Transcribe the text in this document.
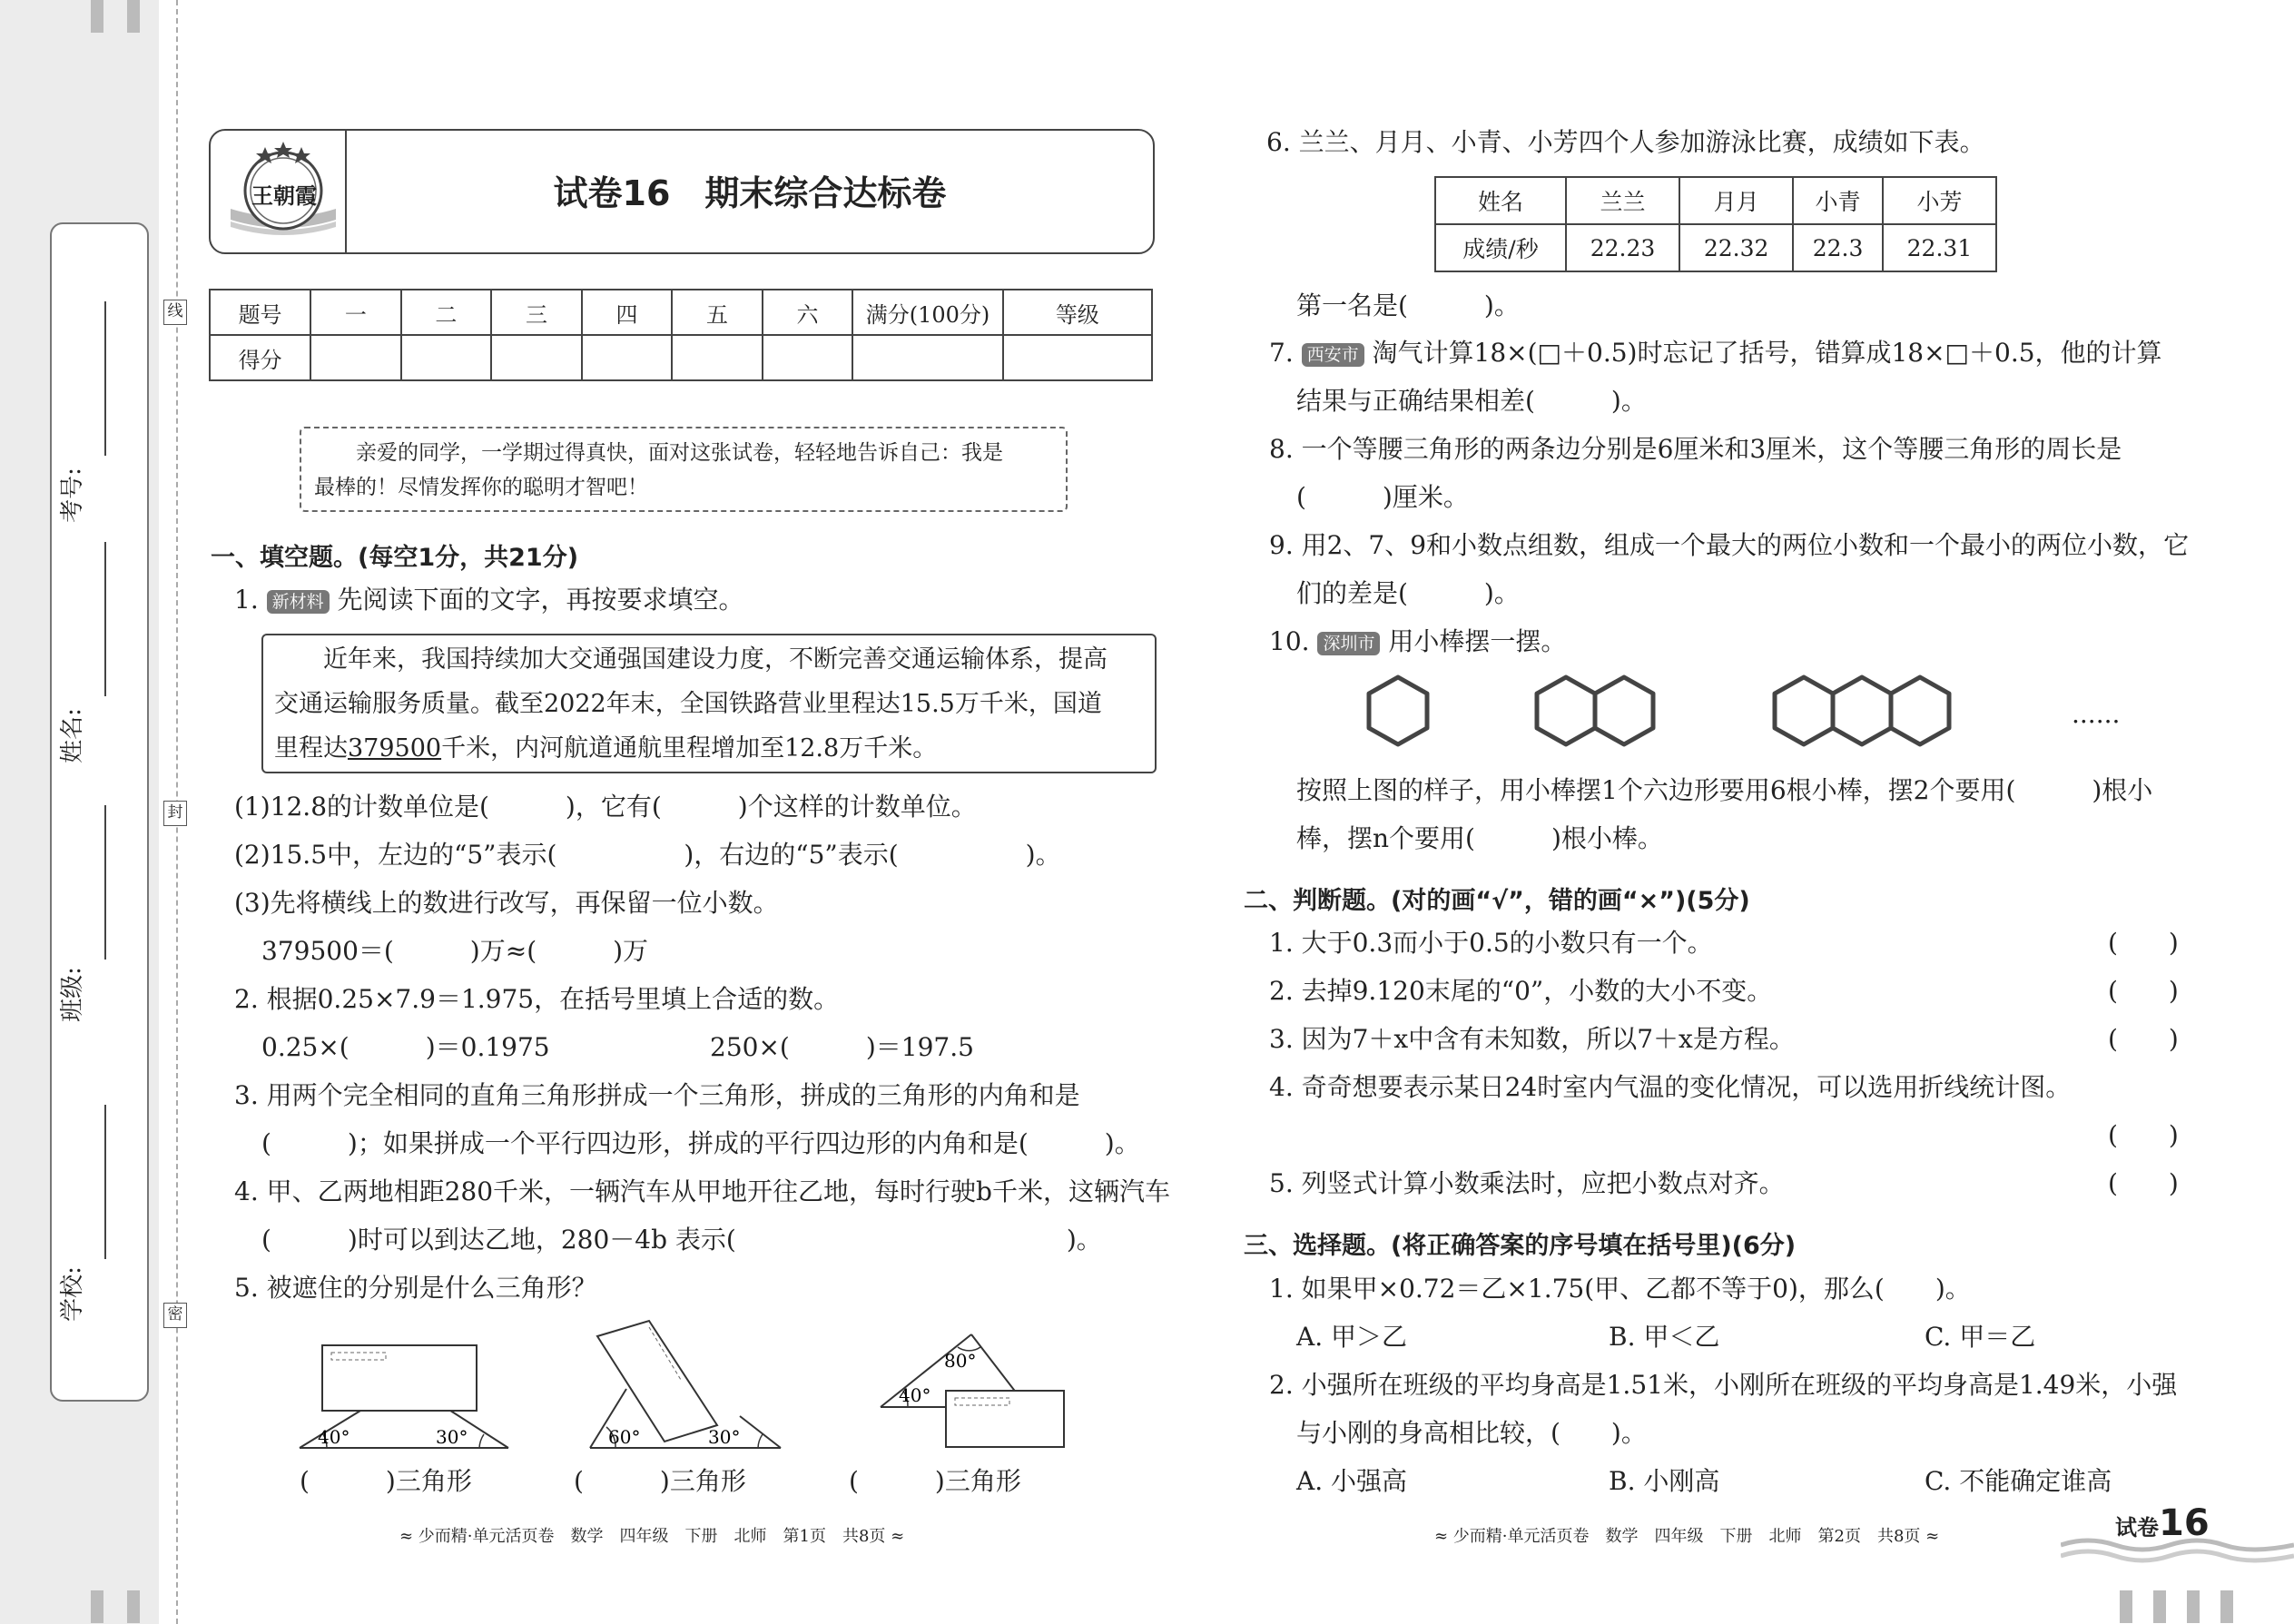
学校:
班级:
姓名:
考号:
线
封
密
王朝霞	试卷16　期末综合达标卷
题号	一	二	三	四	五	六	满分(100分)	等级
得分								
亲爱的同学，一学期过得真快，面对这张试卷，轻轻地告诉自己：我是
最棒的！尽情发挥你的聪明才智吧！
一、填空题。(每空1分，共21分)
1. 新材料 先阅读下面的文字，再按要求填空。
近年来，我国持续加大交通强国建设力度，不断完善交通运输体系，提高
交通运输服务质量。截至2022年末，全国铁路营业里程达15.5万千米，国道
里程达379500千米，内河航道通航里程增加至12.8万千米。
(1)12.8的计数单位是(　　　)，它有(　　　)个这样的计数单位。
(2)15.5中，左边的“5”表示(　　　　　)，右边的“5”表示(　　　　　)。
(3)先将横线上的数进行改写，再保留一位小数。
379500＝(　　　)万≈(　　　)万
2. 根据0.25×7.9＝1.975，在括号里填上合适的数。
0.25×(　　　)＝0.1975	250×(　　　)＝197.5
3. 用两个完全相同的直角三角形拼成一个三角形，拼成的三角形的内角和是
(　　　)；如果拼成一个平行四边形，拼成的平行四边形的内角和是(　　　)。
4. 甲、乙两地相距280千米，一辆汽车从甲地开往乙地，每时行驶b千米，这辆汽车
(　　　)时可以到达乙地，280－4b 表示(　　　　　　　　　　　　　)。
5. 被遮住的分别是什么三角形？
40°	30°	60°	30°
40°
80°
(　　　)三角形	(　　　)三角形	(　　　)三角形
≈ 少而精·单元活页卷　数学　四年级　下册　北师　第1页　共8页 ≈
6. 兰兰、月月、小青、小芳四个人参加游泳比赛，成绩如下表。
姓名	兰兰	月月	小青	小芳
成绩/秒	22.23	22.32	22.3	22.31
第一名是(　　　)。
7. 西安市 淘气计算18×(□＋0.5)时忘记了括号，错算成18×□＋0.5，他的计算
结果与正确结果相差(　　　)。
8. 一个等腰三角形的两条边分别是6厘米和3厘米，这个等腰三角形的周长是
(　　　)厘米。
9. 用2、7、9和小数点组数，组成一个最大的两位小数和一个最小的两位小数，它
们的差是(　　　)。
10. 深圳市 用小棒摆一摆。
......
按照上图的样子，用小棒摆1个六边形要用6根小棒，摆2个要用(　　　)根小
棒，摆n个要用(　　　)根小棒。
二、判断题。(对的画“√”，错的画“×”)(5分)
1. 大于0.3而小于0.5的小数只有一个。	(　　)
2. 去掉9.120末尾的“0”，小数的大小不变。	(　　)
3. 因为7＋x中含有未知数，所以7＋x是方程。	(　　)
4. 奇奇想要表示某日24时室内气温的变化情况，可以选用折线统计图。
(　　)
5. 列竖式计算小数乘法时，应把小数点对齐。	(　　)
三、选择题。(将正确答案的序号填在括号里)(6分)
1. 如果甲×0.72＝乙×1.75(甲、乙都不等于0)，那么(　　)。
A. 甲＞乙	B. 甲＜乙	C. 甲＝乙
2. 小强所在班级的平均身高是1.51米，小刚所在班级的平均身高是1.49米，小强
与小刚的身高相比较，(　　)。
A. 小强高	B. 小刚高	C. 不能确定谁高
≈ 少而精·单元活页卷　数学　四年级　下册　北师　第2页　共8页 ≈	试卷16
